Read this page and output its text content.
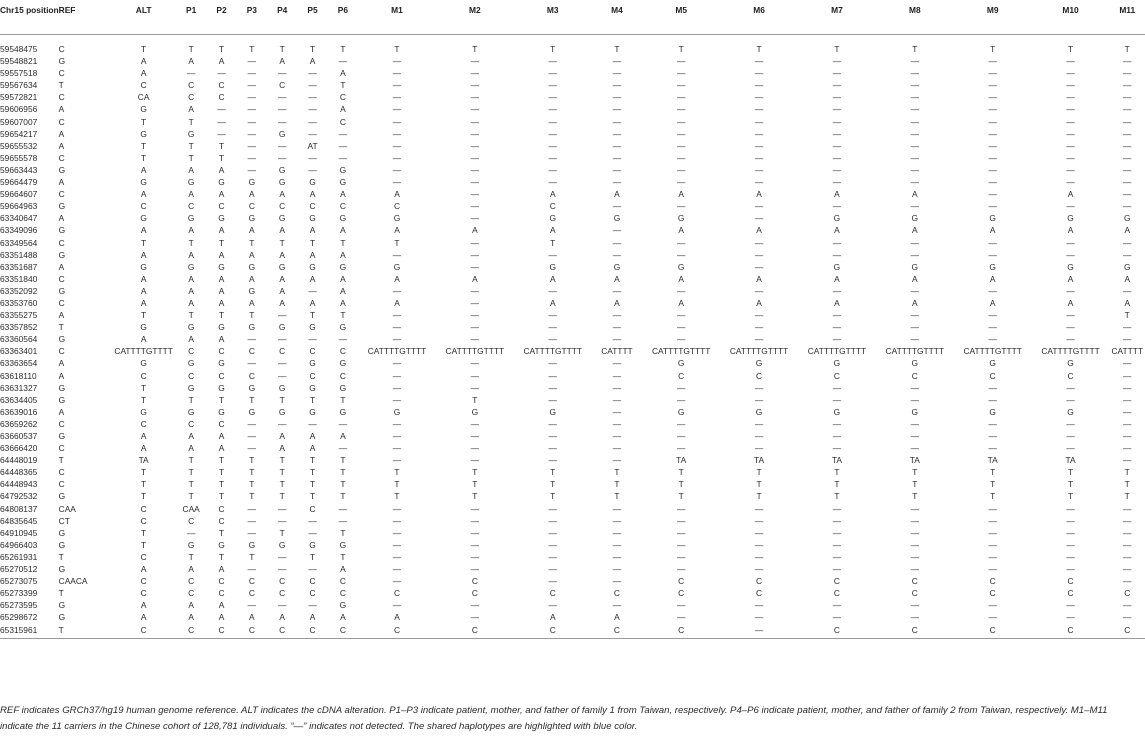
Chr15 position	REF	ALT	P1	P2	P3	P4	P5	P6	M1	M2	M3	M4	M5	M6	M7	M8	M9	M10	M11
59548475	C	T	T	T	T	T	T	T	T	T	T	T	T	T	T	T	T	T	T
59548821	G	A	A	A	—	A	A	—	—	—	—	—	—	—	—	—	—	—	—
59557518	C	A	—	—	—	—	—	A	—	—	—	—	—	—	—	—	—	—	—
59567634	T	C	C	C	—	C	—	T	—	—	—	—	—	—	—	—	—	—	—
59572821	C	CA	C	C	—	—	—	C	—	—	—	—	—	—	—	—	—	—	—
59606956	A	G	A	—	—	—	—	A	—	—	—	—	—	—	—	—	—	—	—
59607007	C	T	T	—	—	—	—	C	—	—	—	—	—	—	—	—	—	—	—
59654217	A	G	G	—	—	G	—	—	—	—	—	—	—	—	—	—	—	—	—
59655532	A	T	T	T	—	—	AT	—	—	—	—	—	—	—	—	—	—	—	—
59655578	C	T	T	T	—	—	—	—	—	—	—	—	—	—	—	—	—	—	—
59663443	G	A	A	A	—	G	—	G	—	—	—	—	—	—	—	—	—	—	—
59664479	A	G	G	G	G	G	G	G	—	—	—	—	—	—	—	—	—	—	—
59664607	C	A	A	A	A	A	A	A	A	—	A	A	A	A	A	A	—	A	—
59664963	G	C	C	C	C	C	C	C	C	—	C	—	—	—	—	—	—	—	—
63340647	A	G	G	G	G	G	G	G	G	—	G	G	G	—	G	G	G	G	G
63349096	G	A	A	A	A	A	A	A	A	A	A	—	A	A	A	A	A	A	A
63349564	C	T	T	T	T	T	T	T	T	—	T	—	—	—	—	—	—	—	—
63351488	G	A	A	A	A	A	A	A	—	—	—	—	—	—	—	—	—	—	—
63351687	A	G	G	G	G	G	G	G	G	—	G	G	G	—	G	G	G	G	G
63351840	C	A	A	A	A	A	A	A	A	A	A	A	A	A	A	A	A	A	A
63352092	G	A	A	A	G	A	—	A	—	—	—	—	—	—	—	—	—	—	—
63353760	C	A	A	A	A	A	A	A	A	—	A	A	A	A	A	A	A	A	A
63355275	A	T	T	T	T	—	T	T	—	—	—	—	—	—	—	—	—	—	T
63357852	T	G	G	G	G	G	G	G	—	—	—	—	—	—	—	—	—	—	—
63360564	G	A	A	A	—	—	—	—	—	—	—	—	—	—	—	—	—	—	—
63363401	C	CATTTTGTTTT	C	C	C	C	C	C	CATTTTGTTTT	CATTTTGTTTT	CATTTTGTTTT	CATTTT	CATTTTGTTTT	CATTTTGTTTT	CATTTTGTTTT	CATTTTGTTTT	CATTTTGTTTT	CATTTTGTTTT	CATTTT
63363654	A	G	G	G	—	—	G	G	—	—	—	—	G	G	G	G	G	G	—
63618110	A	C	C	C	C	—	C	C	—	—	—	—	C	C	C	C	C	C	—
63631327	G	T	G	G	G	G	G	G	—	—	—	—	—	—	—	—	—	—	—
63634405	G	T	T	T	T	T	T	T	—	T	—	—	—	—	—	—	—	—	—
63639016	A	G	G	G	G	G	G	G	G	G	G	—	G	G	G	G	G	G	—
63659262	C	C	C	C	—	—	—	—	—	—	—	—	—	—	—	—	—	—	—
63660537	G	A	A	A	—	A	A	A	—	—	—	—	—	—	—	—	—	—	—
63666420	C	A	A	A	—	A	A	—	—	—	—	—	—	—	—	—	—	—	—
64448019	T	TA	T	T	T	T	T	T	—	—	—	—	TA	TA	TA	TA	TA	TA	—
64448365	C	T	T	T	T	T	T	T	T	T	T	T	T	T	T	T	T	T	T
64448943	C	T	T	T	T	T	T	T	T	T	T	T	T	T	T	T	T	T	T
64792532	G	T	T	T	T	T	T	T	T	T	T	T	T	T	T	T	T	T	T
64808137	CAA	C	CAA	C	—	—	C	—	—	—	—	—	—	—	—	—	—	—	—
64835645	CT	C	C	C	—	—	—	—	—	—	—	—	—	—	—	—	—	—	—
64910945	G	T	—	T	—	T	—	T	—	—	—	—	—	—	—	—	—	—	—
64966403	G	T	G	G	G	G	G	G	—	—	—	—	—	—	—	—	—	—	—
65261931	T	C	T	T	T	—	T	T	—	—	—	—	—	—	—	—	—	—	—
65270512	G	A	A	A	—	—	—	A	—	—	—	—	—	—	—	—	—	—	—
65273075	CAACA	C	C	C	C	C	C	C	—	C	—	—	C	C	C	C	C	C	—
65273399	T	C	C	C	C	C	C	C	C	C	C	C	C	C	C	C	C	C	C
65273595	G	A	A	A	—	—	—	G	—	—	—	—	—	—	—	—	—	—	—
65298672	G	A	A	A	A	A	A	A	A	—	A	A	—	—	—	—	—	—	—
65315961	T	C	C	C	C	C	C	C	C	C	C	C	C	—	C	C	C	C	C

REF indicates GRCh37/hg19 human genome reference. ALT indicates the cDNA alteration. P1–P3 indicate patient, mother, and father of family 1 from Taiwan, respectively. P4–P6 indicate patient, mother, and father of family 2 from Taiwan, respectively. M1–M11 indicate the 11 carriers in the Chinese cohort of 128,781 individuals. “—” indicates not detected. The shared haplotypes are highlighted with blue color.
